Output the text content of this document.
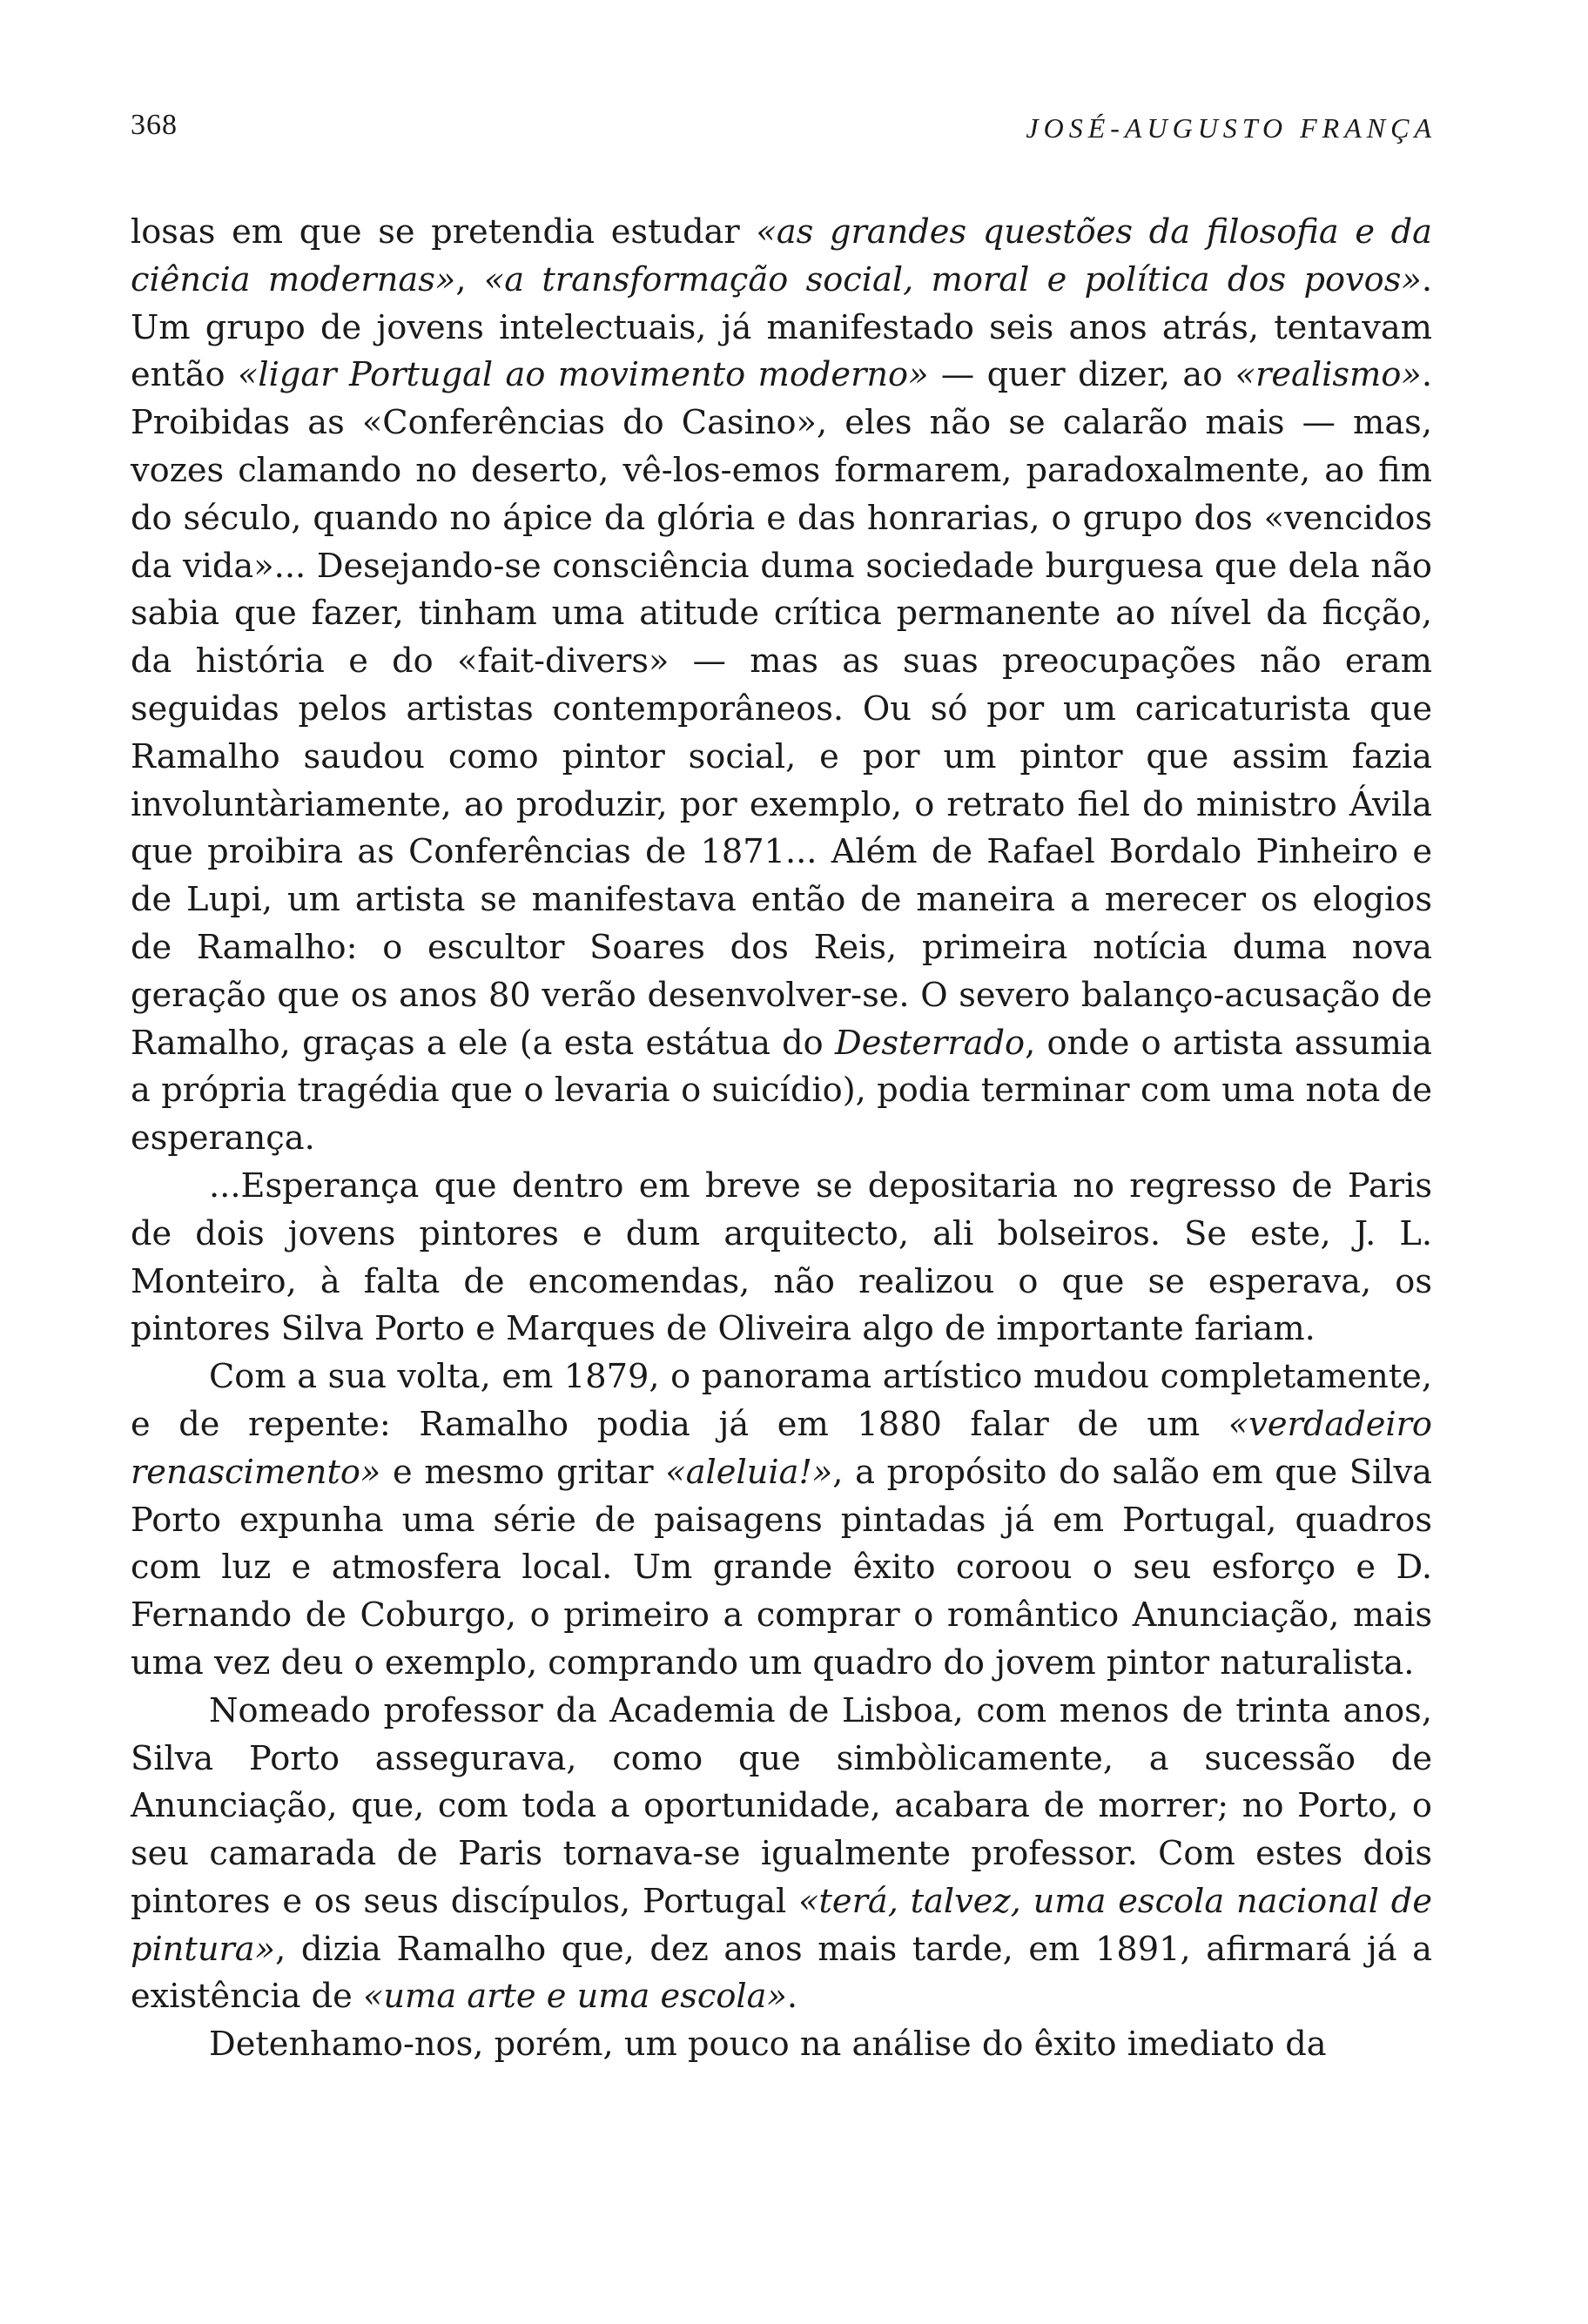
368	JOSÉ-AUGUSTO FRANÇA

losas em que se pretendia estudar «as grandes questões da filosofia e da ciência modernas», «a transformação social, moral e política dos povos». Um grupo de jovens intelectuais, já manifestado seis anos atrás, tentavam então «ligar Portugal ao movimento moderno» — quer dizer, ao «realismo». Proibidas as «Conferências do Casino», eles não se calarão mais — mas, vozes clamando no deserto, vê-los-emos formarem, paradoxalmente, ao fim do século, quando no ápice da glória e das honrarias, o grupo dos «vencidos da vida»... Desejando-se consciência duma sociedade burguesa que dela não sabia que fazer, tinham uma atitude crítica permanente ao nível da ficção, da história e do «fait-divers» — mas as suas preocupações não eram seguidas pelos artistas contemporâneos. Ou só por um caricaturista que Ramalho saudou como pintor social, e por um pintor que assim fazia involuntàriamente, ao produzir, por exemplo, o retrato fiel do ministro Ávila que proibira as Conferências de 1871... Além de Rafael Bordalo Pinheiro e de Lupi, um artista se manifestava então de maneira a merecer os elogios de Ramalho: o escultor Soares dos Reis, primeira notícia duma nova geração que os anos 80 verão desenvolver-se. O severo balanço-acusação de Ramalho, graças a ele (a esta estátua do Desterrado, onde o artista assumia a própria tragédia que o levaria o suicídio), podia terminar com uma nota de esperança.

...Esperança que dentro em breve se depositaria no regresso de Paris de dois jovens pintores e dum arquitecto, ali bolseiros. Se este, J. L. Monteiro, à falta de encomendas, não realizou o que se esperava, os pintores Silva Porto e Marques de Oliveira algo de importante fariam.

Com a sua volta, em 1879, o panorama artístico mudou completamente, e de repente: Ramalho podia já em 1880 falar de um «verdadeiro renascimento» e mesmo gritar «aleluia!», a propósito do salão em que Silva Porto expunha uma série de paisagens pintadas já em Portugal, quadros com luz e atmosfera local. Um grande êxito coroou o seu esforço e D. Fernando de Coburgo, o primeiro a comprar o romântico Anunciação, mais uma vez deu o exemplo, comprando um quadro do jovem pintor naturalista.

Nomeado professor da Academia de Lisboa, com menos de trinta anos, Silva Porto assegurava, como que simbòlicamente, a sucessão de Anunciação, que, com toda a oportunidade, acabara de morrer; no Porto, o seu camarada de Paris tornava-se igualmente professor. Com estes dois pintores e os seus discípulos, Portugal «terá, talvez, uma escola nacional de pintura», dizia Ramalho que, dez anos mais tarde, em 1891, afirmará já a existência de «uma arte e uma escola».

Detenhamo-nos, porém, um pouco na análise do êxito imediato da
